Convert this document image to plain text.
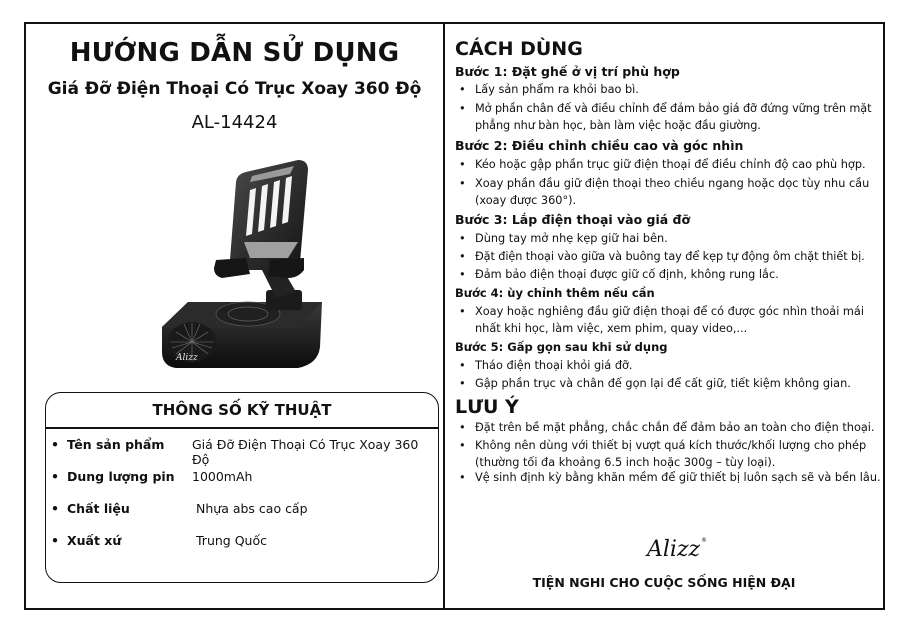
HƯỚNG DẪN SỬ DỤNG
Giá Đỡ Điện Thoại Có Trục Xoay 360 Độ
AL-14424
Alizz
THÔNG SỐ KỸ THUẬT
• Tên sản phẩm Giá Đỡ Điện Thoại Có Trục Xoay 360 Độ
• Dung lượng pin 1000mAh
• Chất liệu	Nhựa abs cao cấp
• Xuất xứ	Trung Quốc
CÁCH DÙNG
Bước 1: Đặt ghế ở vị trí phù hợp
• Lấy sản phẩm ra khỏi bao bì.
• Mở phần chân đế và điều chỉnh để đảm bảo giá đỡ đứng vững trên mặt phẳng như bàn học, bàn làm việc hoặc đầu giường.
Bước 2: Điều chỉnh chiều cao và góc nhìn
• Kéo hoặc gập phần trục giữ điện thoại để điều chỉnh độ cao phù hợp.
• Xoay phần đầu giữ điện thoại theo chiều ngang hoặc dọc tùy nhu cầu (xoay được 360°).
Bước 3: Lắp điện thoại vào giá đỡ
• Dùng tay mở nhẹ kẹp giữ hai bên.
• Đặt điện thoại vào giữa và buông tay để kẹp tự động ôm chặt thiết bị.
• Đảm bảo điện thoại được giữ cố định, không rung lắc.
Bước 4: ùy chỉnh thêm nếu cần
• Xoay hoặc nghiêng đầu giữ điện thoại để có được góc nhìn thoải mái nhất khi học, làm việc, xem phim, quay video,...
Bước 5: Gấp gọn sau khi sử dụng
• Tháo điện thoại khỏi giá đỡ.
• Gập phần trục và chân đế gọn lại để cất giữ, tiết kiệm không gian.
LƯU Ý
• Đặt trên bề mặt phẳng, chắc chắn để đảm bảo an toàn cho điện thoại.
• Không nên dùng với thiết bị vượt quá kích thước/khối lượng cho phép (thường tối đa khoảng 6.5 inch hoặc 300g – tùy loại).
• Vệ sinh định kỳ bằng khăn mềm để giữ thiết bị luôn sạch sẽ và bền lâu.
Alizz ®
TIỆN NGHI CHO CUỘC SỐNG HIỆN ĐẠI
